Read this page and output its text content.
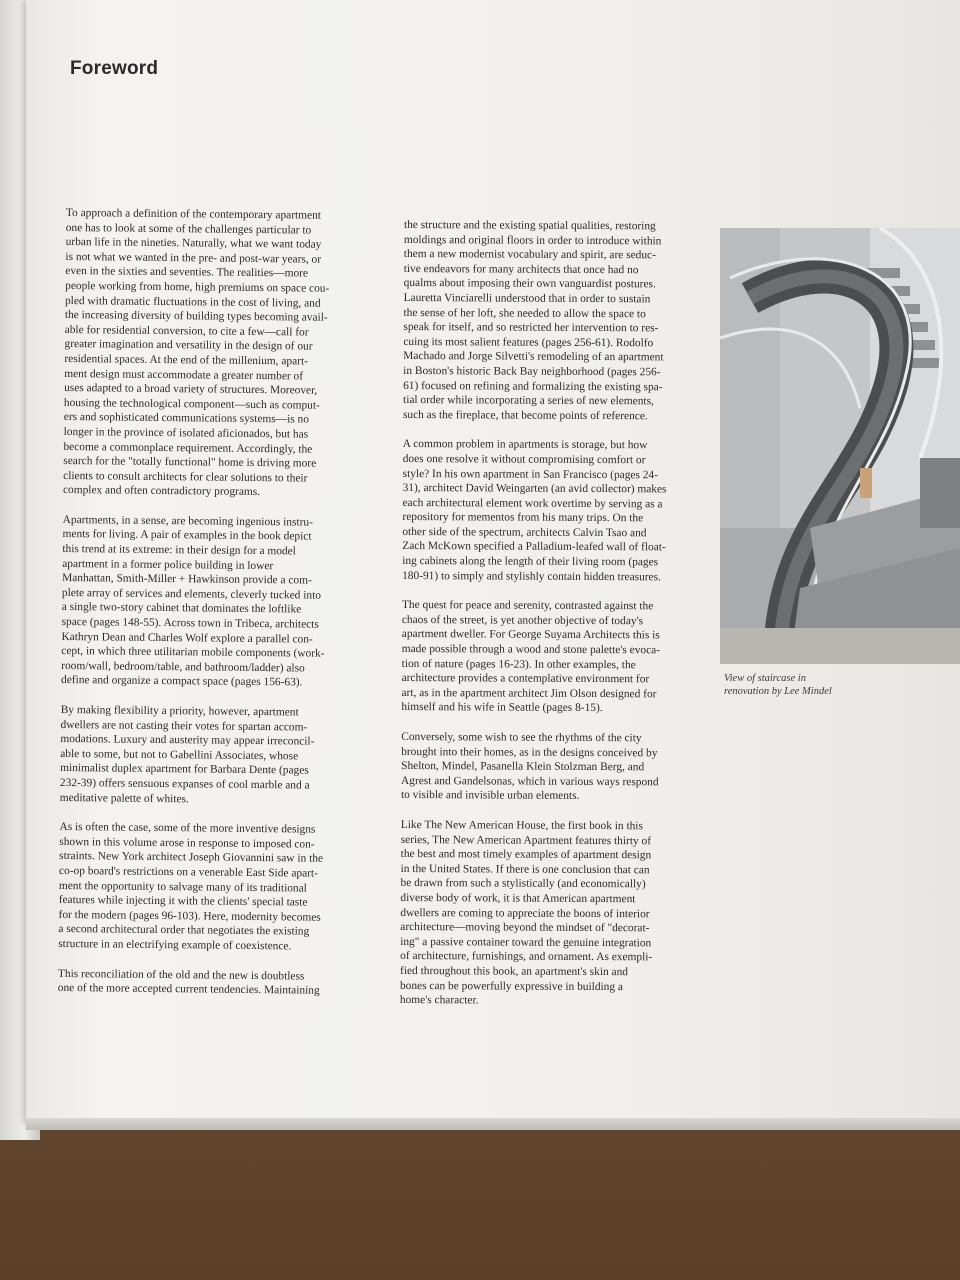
Foreword

To approach a definition of the contemporary apartment
one has to look at some of the challenges particular to
urban life in the nineties. Naturally, what we want today
is not what we wanted in the pre- and post-war years, or
even in the sixties and seventies. The realities—more
people working from home, high premiums on space cou-
pled with dramatic fluctuations in the cost of living, and
the increasing diversity of building types becoming avail-
able for residential conversion, to cite a few—call for
greater imagination and versatility in the design of our
residential spaces. At the end of the millenium, apart-
ment design must accommodate a greater number of
uses adapted to a broad variety of structures. Moreover,
housing the technological component—such as comput-
ers and sophisticated communications systems—is no
longer in the province of isolated aficionados, but has
become a commonplace requirement. Accordingly, the
search for the "totally functional" home is driving more
clients to consult architects for clear solutions to their
complex and often contradictory programs.

Apartments, in a sense, are becoming ingenious instru-
ments for living. A pair of examples in the book depict
this trend at its extreme: in their design for a model
apartment in a former police building in lower
Manhattan, Smith-Miller + Hawkinson provide a com-
plete array of services and elements, cleverly tucked into
a single two-story cabinet that dominates the loftlike
space (pages 148-55). Across town in Tribeca, architects
Kathryn Dean and Charles Wolf explore a parallel con-
cept, in which three utilitarian mobile components (work-
room/wall, bedroom/table, and bathroom/ladder) also
define and organize a compact space (pages 156-63).

By making flexibility a priority, however, apartment
dwellers are not casting their votes for spartan accom-
modations. Luxury and austerity may appear irreconcil-
able to some, but not to Gabellini Associates, whose
minimalist duplex apartment for Barbara Dente (pages
232-39) offers sensuous expanses of cool marble and a
meditative palette of whites.

As is often the case, some of the more inventive designs
shown in this volume arose in response to imposed con-
straints. New York architect Joseph Giovannini saw in the
co-op board's restrictions on a venerable East Side apart-
ment the opportunity to salvage many of its traditional
features while injecting it with the clients' special taste
for the modern (pages 96-103). Here, modernity becomes
a second architectural order that negotiates the existing
structure in an electrifying example of coexistence.

This reconciliation of the old and the new is doubtless
one of the more accepted current tendencies. Maintaining

the structure and the existing spatial qualities, restoring
moldings and original floors in order to introduce within
them a new modernist vocabulary and spirit, are seduc-
tive endeavors for many architects that once had no
qualms about imposing their own vanguardist postures.
Lauretta Vinciarelli understood that in order to sustain
the sense of her loft, she needed to allow the space to
speak for itself, and so restricted her intervention to res-
cuing its most salient features (pages 256-61). Rodolfo
Machado and Jorge Silvetti's remodeling of an apartment
in Boston's historic Back Bay neighborhood (pages 256-
61) focused on refining and formalizing the existing spa-
tial order while incorporating a series of new elements,
such as the fireplace, that become points of reference.

A common problem in apartments is storage, but how
does one resolve it without compromising comfort or
style? In his own apartment in San Francisco (pages 24-
31), architect David Weingarten (an avid collector) makes
each architectural element work overtime by serving as a
repository for mementos from his many trips. On the
other side of the spectrum, architects Calvin Tsao and
Zach McKown specified a Palladium-leafed wall of float-
ing cabinets along the length of their living room (pages
180-91) to simply and stylishly contain hidden treasures.

The quest for peace and serenity, contrasted against the
chaos of the street, is yet another objective of today's
apartment dweller. For George Suyama Architects this is
made possible through a wood and stone palette's evoca-
tion of nature (pages 16-23). In other examples, the
architecture provides a contemplative environment for
art, as in the apartment architect Jim Olson designed for
himself and his wife in Seattle (pages 8-15).

Conversely, some wish to see the rhythms of the city
brought into their homes, as in the designs conceived by
Shelton, Mindel, Pasanella Klein Stolzman Berg, and
Agrest and Gandelsonas, which in various ways respond
to visible and invisible urban elements.

Like The New American House, the first book in this
series, The New American Apartment features thirty of
the best and most timely examples of apartment design
in the United States. If there is one conclusion that can
be drawn from such a stylistically (and economically)
diverse body of work, it is that American apartment
dwellers are coming to appreciate the boons of interior
architecture—moving beyond the mindset of "decorat-
ing" a passive container toward the genuine integration
of architecture, furnishings, and ornament. As exempli-
fied throughout this book, an apartment's skin and
bones can be powerfully expressive in building a
home's character.

View of staircase in
renovation by Lee Mindel
